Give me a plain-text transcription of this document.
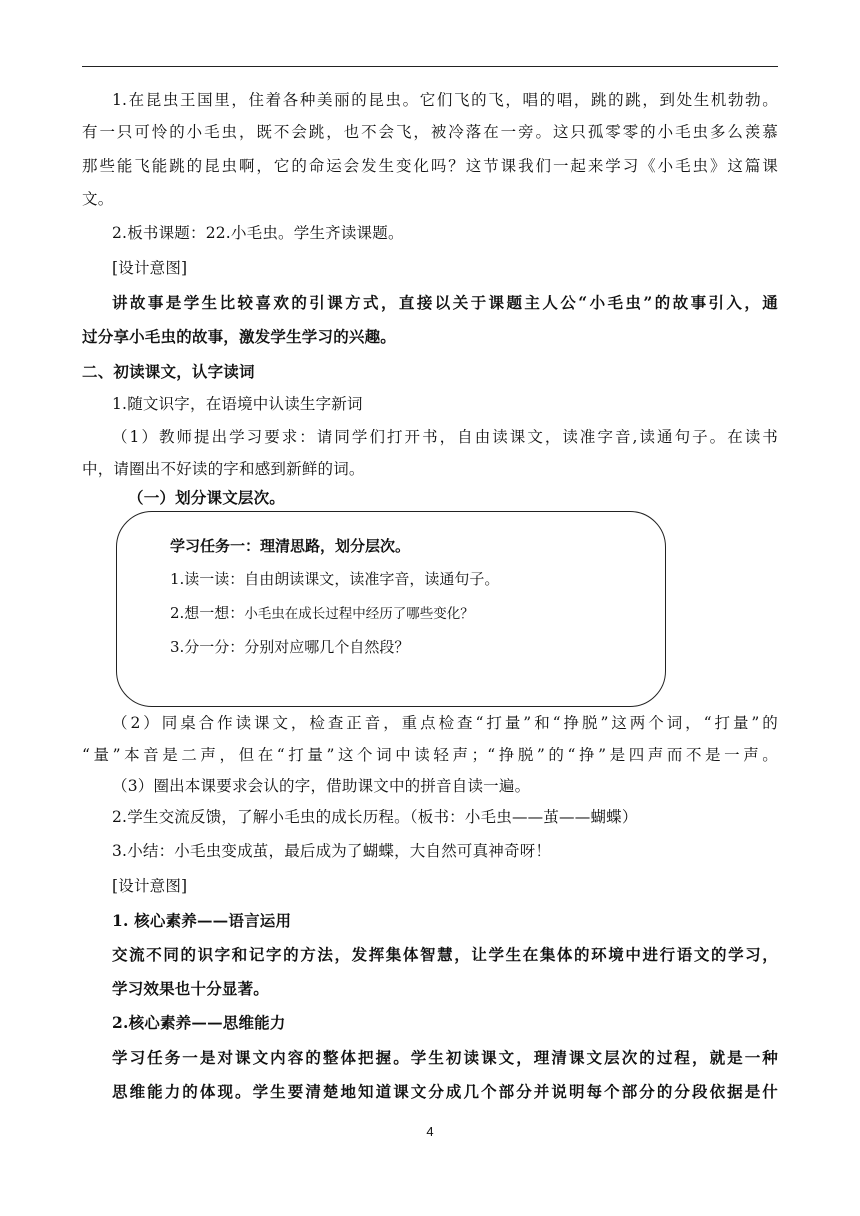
1.在昆虫王国里，住着各种美丽的昆虫。它们飞的飞，唱的唱，跳的跳，到处生机勃勃。
有一只可怜的小毛虫，既不会跳，也不会飞，被冷落在一旁。这只孤零零的小毛虫多么羡慕
那些能飞能跳的昆虫啊，它的命运会发生变化吗？这节课我们一起来学习《小毛虫》这篇课
文。
2.板书课题：22.小毛虫。学生齐读课题。
[设计意图]
讲故事是学生比较喜欢的引课方式，直接以关于课题主人公“小毛虫”的故事引入，通
过分享小毛虫的故事，激发学生学习的兴趣。
二、初读课文，认字读词
1.随文识字，在语境中认读生字新词
（1）教师提出学习要求：请同学们打开书，自由读课文，读准字音,读通句子。在读书
中，请圈出不好读的字和感到新鲜的词。
（一）划分课文层次。
学习任务一：理清思路，划分层次。
1.读一读：自由朗读课文，读准字音，读通句子。
2.想一想：小毛虫在成长过程中经历了哪些变化？
3.分一分：分别对应哪几个自然段？
（2）同桌合作读课文，检查正音，重点检查“打量”和“挣脱”这两个词，“打量”的
“量”本音是二声，但在“打量”这个词中读轻声；“挣脱”的“挣”是四声而不是一声。
（3）圈出本课要求会认的字，借助课文中的拼音自读一遍。
2.学生交流反馈，了解小毛虫的成长历程。（板书：小毛虫——茧——蝴蝶）
3.小结：小毛虫变成茧，最后成为了蝴蝶，大自然可真神奇呀！
[设计意图]
1. 核心素养——语言运用
交流不同的识字和记字的方法，发挥集体智慧，让学生在集体的环境中进行语文的学习，
学习效果也十分显著。
2.核心素养——思维能力
学习任务一是对课文内容的整体把握。学生初读课文，理清课文层次的过程，就是一种
思维能力的体现。学生要清楚地知道课文分成几个部分并说明每个部分的分段依据是什
4
